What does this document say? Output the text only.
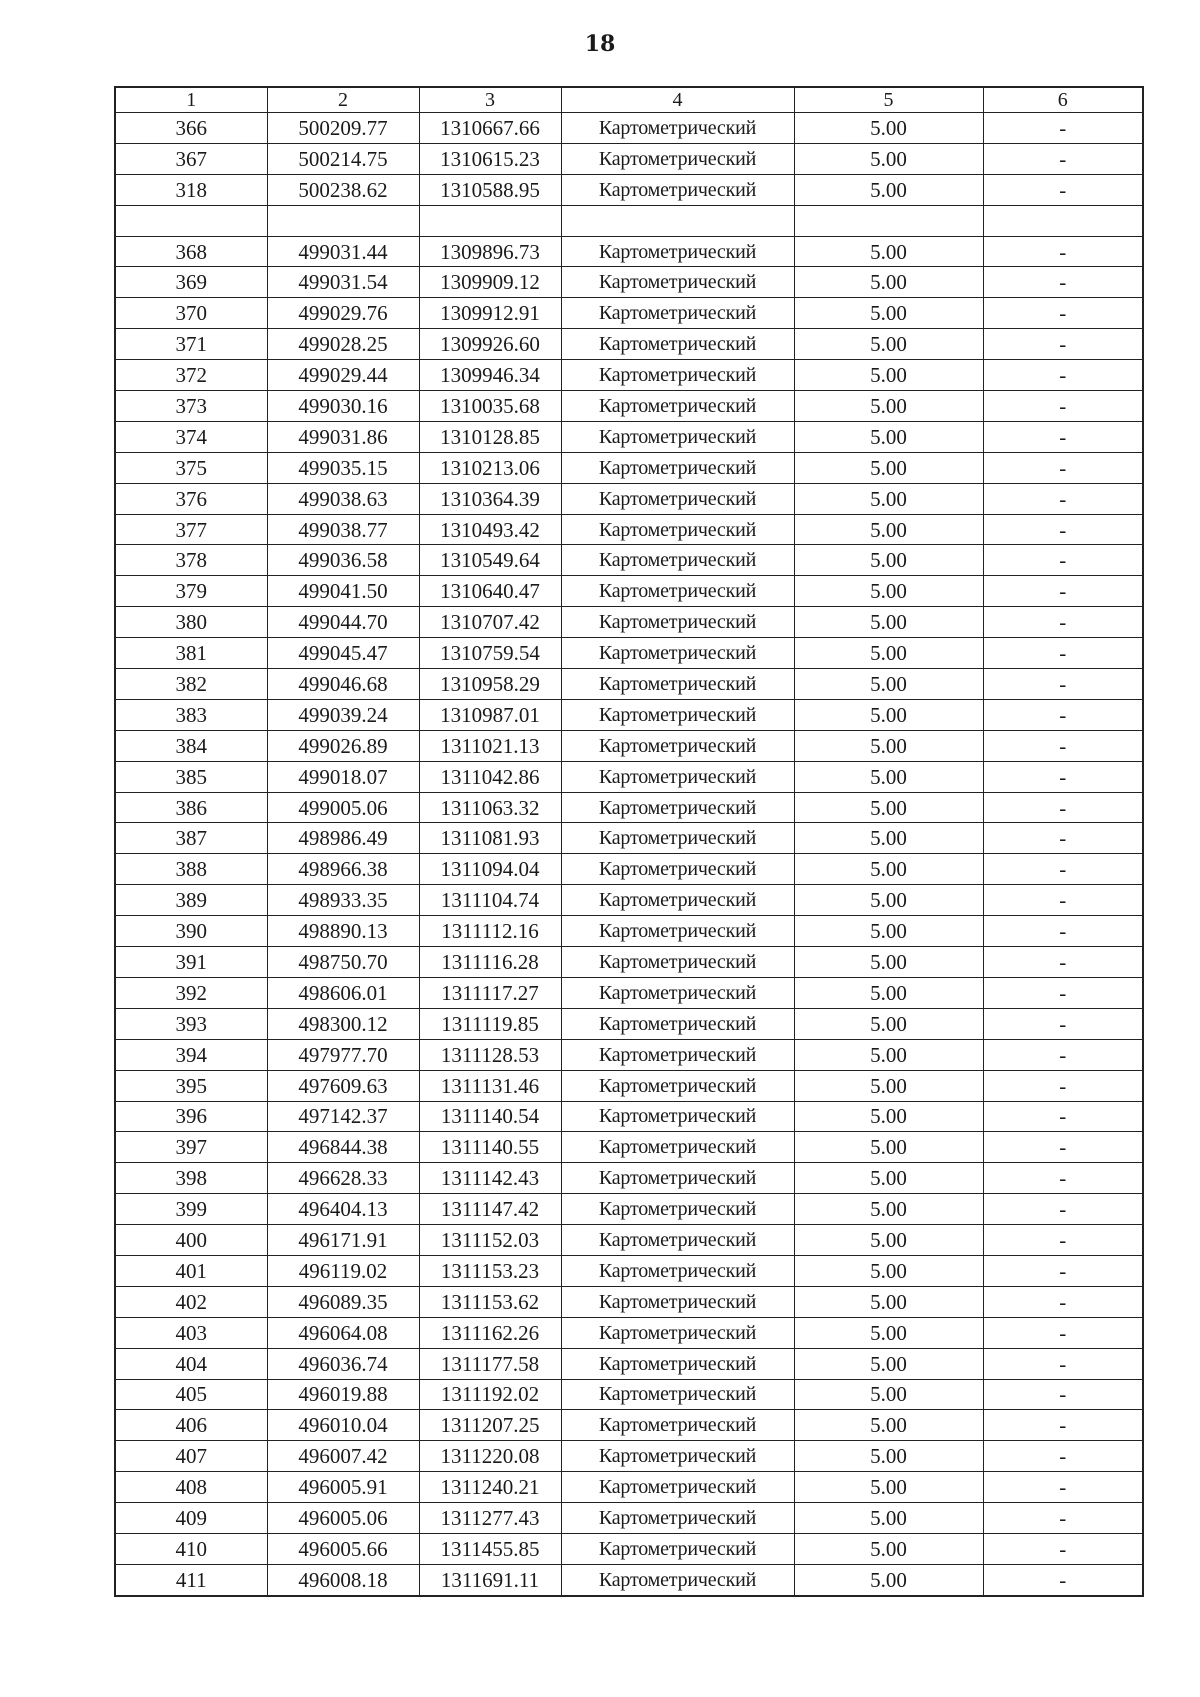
18
1	2	3	4	5	6
366	500209.77	1310667.66	Картометрический	5.00	-
367	500214.75	1310615.23	Картометрический	5.00	-
318	500238.62	1310588.95	Картометрический	5.00	-

368	499031.44	1309896.73	Картометрический	5.00	-
369	499031.54	1309909.12	Картометрический	5.00	-
370	499029.76	1309912.91	Картометрический	5.00	-
371	499028.25	1309926.60	Картометрический	5.00	-
372	499029.44	1309946.34	Картометрический	5.00	-
373	499030.16	1310035.68	Картометрический	5.00	-
374	499031.86	1310128.85	Картометрический	5.00	-
375	499035.15	1310213.06	Картометрический	5.00	-
376	499038.63	1310364.39	Картометрический	5.00	-
377	499038.77	1310493.42	Картометрический	5.00	-
378	499036.58	1310549.64	Картометрический	5.00	-
379	499041.50	1310640.47	Картометрический	5.00	-
380	499044.70	1310707.42	Картометрический	5.00	-
381	499045.47	1310759.54	Картометрический	5.00	-
382	499046.68	1310958.29	Картометрический	5.00	-
383	499039.24	1310987.01	Картометрический	5.00	-
384	499026.89	1311021.13	Картометрический	5.00	-
385	499018.07	1311042.86	Картометрический	5.00	-
386	499005.06	1311063.32	Картометрический	5.00	-
387	498986.49	1311081.93	Картометрический	5.00	-
388	498966.38	1311094.04	Картометрический	5.00	-
389	498933.35	1311104.74	Картометрический	5.00	-
390	498890.13	1311112.16	Картометрический	5.00	-
391	498750.70	1311116.28	Картометрический	5.00	-
392	498606.01	1311117.27	Картометрический	5.00	-
393	498300.12	1311119.85	Картометрический	5.00	-
394	497977.70	1311128.53	Картометрический	5.00	-
395	497609.63	1311131.46	Картометрический	5.00	-
396	497142.37	1311140.54	Картометрический	5.00	-
397	496844.38	1311140.55	Картометрический	5.00	-
398	496628.33	1311142.43	Картометрический	5.00	-
399	496404.13	1311147.42	Картометрический	5.00	-
400	496171.91	1311152.03	Картометрический	5.00	-
401	496119.02	1311153.23	Картометрический	5.00	-
402	496089.35	1311153.62	Картометрический	5.00	-
403	496064.08	1311162.26	Картометрический	5.00	-
404	496036.74	1311177.58	Картометрический	5.00	-
405	496019.88	1311192.02	Картометрический	5.00	-
406	496010.04	1311207.25	Картометрический	5.00	-
407	496007.42	1311220.08	Картометрический	5.00	-
408	496005.91	1311240.21	Картометрический	5.00	-
409	496005.06	1311277.43	Картометрический	5.00	-
410	496005.66	1311455.85	Картометрический	5.00	-
411	496008.18	1311691.11	Картометрический	5.00	-
